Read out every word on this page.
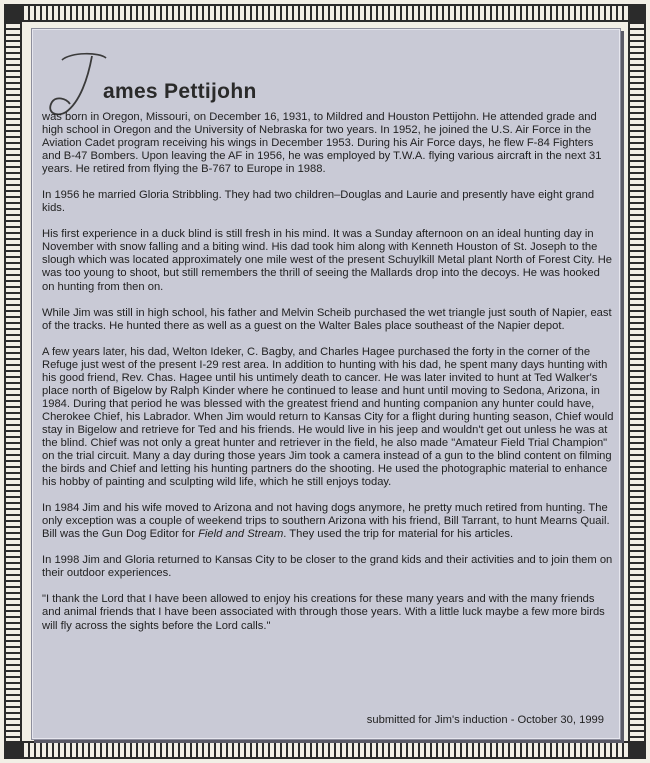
ames Pettijohn

was born in Oregon, Missouri, on December 16, 1931, to Mildred and Houston Pettijohn. He attended grade and high school in Oregon and the University of Nebraska for two years. In 1952, he joined the U.S. Air Force in the Aviation Cadet program receiving his wings in December 1953. During his Air Force days, he flew F-84 Fighters and B-47 Bombers. Upon leaving the AF in 1956, he was employed by T.W.A. flying various aircraft in the next 31 years. He retired from flying the B-767 to Europe in 1988.

In 1956 he married Gloria Stribbling. They had two children–Douglas and Laurie and presently have eight grand kids.

His first experience in a duck blind is still fresh in his mind. It was a Sunday afternoon on an ideal hunting day in November with snow falling and a biting wind. His dad took him along with Kenneth Houston of St. Joseph to the slough which was located approximately one mile west of the present Schuylkill Metal plant North of Forest City. He was too young to shoot, but still remembers the thrill of seeing the Mallards drop into the decoys. He was hooked on hunting from then on.

While Jim was still in high school, his father and Melvin Scheib purchased the wet triangle just south of Napier, east of the tracks. He hunted there as well as a guest on the Walter Bales place southeast of the Napier depot.

A few years later, his dad, Welton Ideker, C. Bagby, and Charles Hagee purchased the forty in the corner of the Refuge just west of the present I-29 rest area. In addition to hunting with his dad, he spent many days hunting with his good friend, Rev. Chas. Hagee until his untimely death to cancer. He was later invited to hunt at Ted Walker's place north of Bigelow by Ralph Kinder where he continued to lease and hunt until moving to Sedona, Arizona, in 1984. During that period he was blessed with the greatest friend and hunting companion any hunter could have, Cherokee Chief, his Labrador. When Jim would return to Kansas City for a flight during hunting season, Chief would stay in Bigelow and retrieve for Ted and his friends. He would live in his jeep and wouldn't get out unless he was at the blind. Chief was not only a great hunter and retriever in the field, he also made "Amateur Field Trial Champion" on the trial circuit. Many a day during those years Jim took a camera instead of a gun to the blind content on filming the birds and Chief and letting his hunting partners do the shooting. He used the photographic material to enhance his hobby of painting and sculpting wild life, which he still enjoys today.

In 1984 Jim and his wife moved to Arizona and not having dogs anymore, he pretty much retired from hunting. The only exception was a couple of weekend trips to southern Arizona with his friend, Bill Tarrant, to hunt Mearns Quail. Bill was the Gun Dog Editor for Field and Stream. They used the trip for material for his articles.

In 1998 Jim and Gloria returned to Kansas City to be closer to the grand kids and their activities and to join them on their outdoor experiences.

"I thank the Lord that I have been allowed to enjoy his creations for these many years and with the many friends and animal friends that I have been associated with through those years. With a little luck maybe a few more birds will fly across the sights before the Lord calls."

submitted for Jim's induction - October 30, 1999
